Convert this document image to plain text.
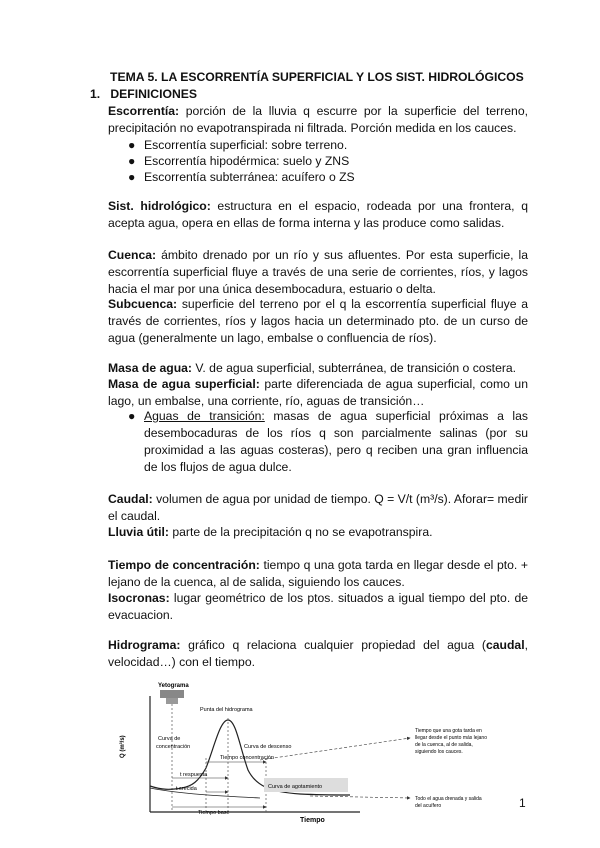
TEMA 5. LA ESCORRENTÍA SUPERFICIAL Y LOS SIST. HIDROLÓGICOS
1. DEFINICIONES
Escorrentía: porción de la lluvia q escurre por la superficie del terreno, precipitación no evapotranspirada ni filtrada. Porción medida en los cauces.
● Escorrentía superficial: sobre terreno.
● Escorrentía hipodérmica: suelo y ZNS
● Escorrentía subterránea: acuífero o ZS
Sist. hidrológico: estructura en el espacio, rodeada por una frontera, q acepta agua, opera en ellas de forma interna y las produce como salidas.
Cuenca: ámbito drenado por un río y sus afluentes. Por esta superficie, la escorrentía superficial fluye a través de una serie de corrientes, ríos, y lagos hacia el mar por una única desembocadura, estuario o delta.
Subcuenca: superficie del terreno por el q la escorrentía superficial fluye a través de corrientes, ríos y lagos hacia un determinado pto. de un curso de agua (generalmente un lago, embalse o confluencia de ríos).
Masa de agua: V. de agua superficial, subterránea, de transición o costera.
Masa de agua superficial: parte diferenciada de agua superficial, como un lago, un embalse, una corriente, río, aguas de transición…
● Aguas de transición: masas de agua superficial próximas a las desembocaduras de los ríos q son parcialmente salinas (por su proximidad a las aguas costeras), pero q reciben una gran influencia de los flujos de agua dulce.
Caudal: volumen de agua por unidad de tiempo. Q = V/t (m³/s). Aforar= medir el caudal.
Lluvia útil: parte de la precipitación q no se evapotranspira.
Tiempo de concentración: tiempo q una gota tarda en llegar desde el pto. + lejano de la cuenca, al de salida, siguiendo los cauces.
Isocronas: lugar geométrico de los ptos. situados a igual tiempo del pto. de evacuacion.
Hidrograma: gráfico q relaciona cualquier propiedad del agua (caudal, velocidad…) con el tiempo.
Q (m³/s)
Tiempo
Yetograma
Punta del hidrograma
Curva de
concentración	Curva de descenso
Tiempo concentración
t respuesta
t crecida	Curva de agotamiento
Tiempo base
Tiempo que una gota tarda en
llegar desde el punto más lejano
de la cuenca, al de salida,
siguiendo los cauces.
Todo el agua drenada y salida
del acuífero	1
